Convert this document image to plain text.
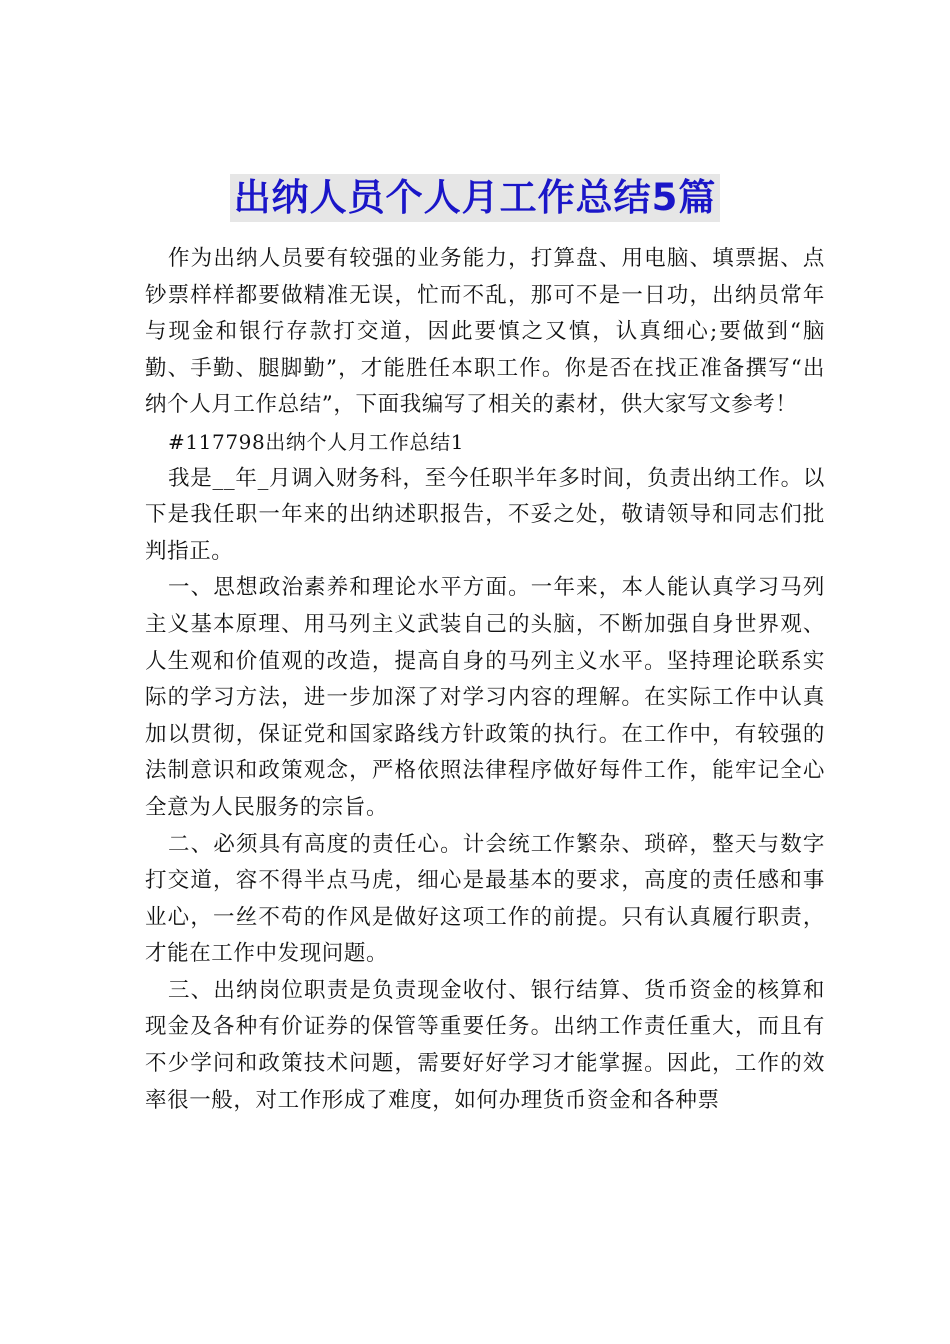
出纳人员个人月工作总结5篇

作为出纳人员要有较强的业务能力，打算盘、用电脑、填票据、点钞票样样都要做精准无误，忙而不乱，那可不是一日功，出纳员常年与现金和银行存款打交道，因此要慎之又慎，认真细心;要做到“脑勤、手勤、腿脚勤”，才能胜任本职工作。你是否在找正准备撰写“出纳个人月工作总结”，下面我编写了相关的素材，供大家写文参考！

#117798出纳个人月工作总结1

我是__年_月调入财务科，至今任职半年多时间，负责出纳工作。以下是我任职一年来的出纳述职报告，不妥之处，敬请领导和同志们批判指正。

一、思想政治素养和理论水平方面。一年来，本人能认真学习马列主义基本原理、用马列主义武装自己的头脑，不断加强自身世界观、人生观和价值观的改造，提高自身的马列主义水平。坚持理论联系实际的学习方法，进一步加深了对学习内容的理解。在实际工作中认真加以贯彻，保证党和国家路线方针政策的执行。在工作中，有较强的法制意识和政策观念，严格依照法律程序做好每件工作，能牢记全心全意为人民服务的宗旨。

二、必须具有高度的责任心。计会统工作繁杂、琐碎，整天与数字打交道，容不得半点马虎，细心是最基本的要求，高度的责任感和事业心，一丝不苟的作风是做好这项工作的前提。只有认真履行职责，才能在工作中发现问题。

三、出纳岗位职责是负责现金收付、银行结算、货币资金的核算和现金及各种有价证券的保管等重要任务。出纳工作责任重大，而且有不少学问和政策技术问题，需要好好学习才能掌握。因此，工作的效率很一般，对工作形成了难度，如何办理货币资金和各种票
